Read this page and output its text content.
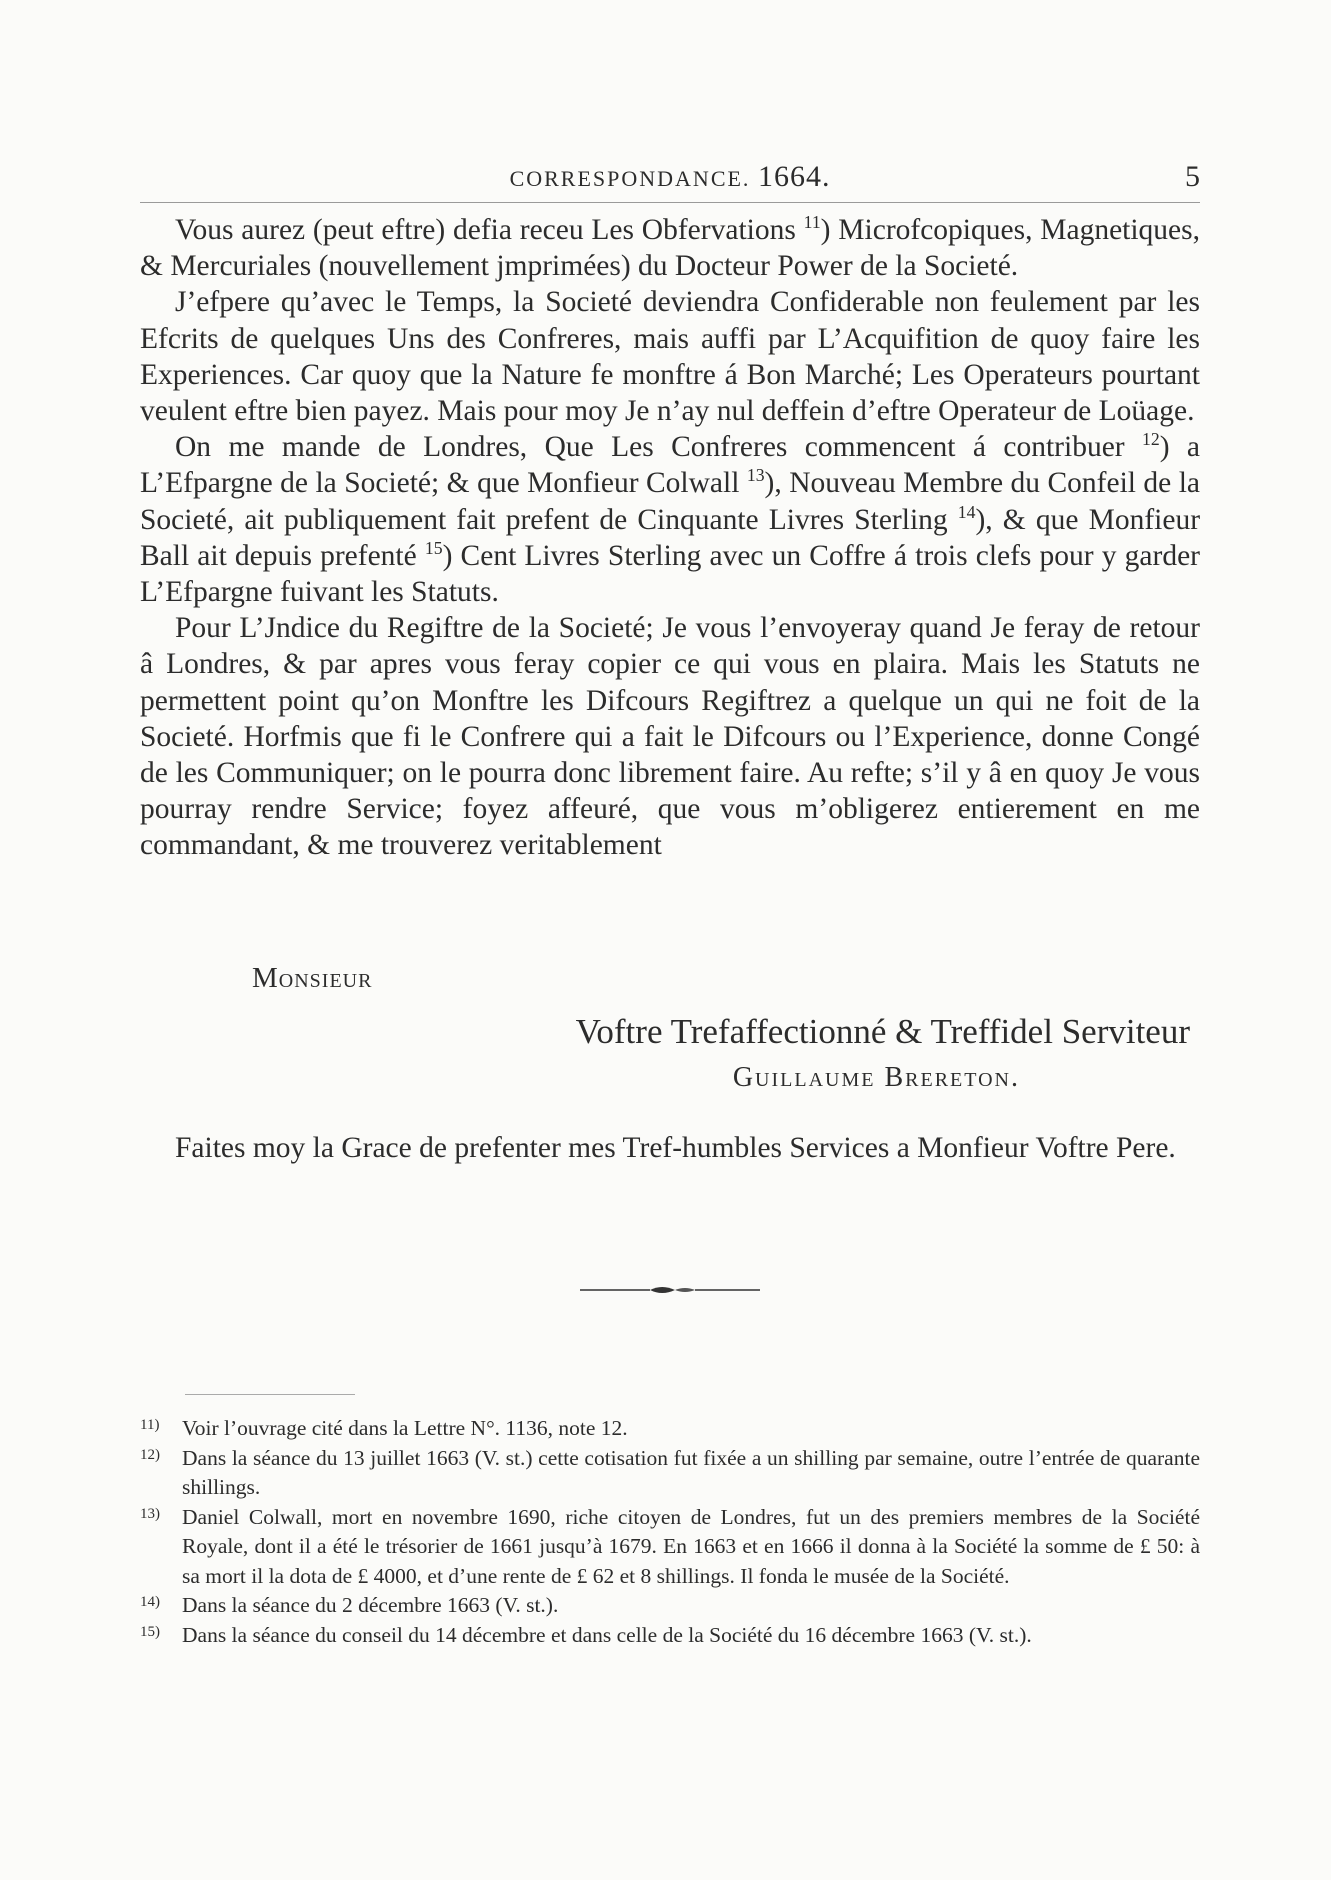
CORRESPONDANCE. 1664.	5

Vous aurez (peut eftre) defia receu Les Obfervations $^{11}$) Microfcopiques, Magnetiques, & Mercuriales (nouvellement jmprimées) du Docteur Power de la Societé.

J’efpere qu’avec le Temps, la Societé deviendra Confiderable non feulement par les Efcrits de quelques Uns des Confreres, mais auffi par L’Acquifition de quoy faire les Experiences. Car quoy que la Nature fe monftre á Bon Marché; Les Operateurs pourtant veulent eftre bien payez. Mais pour moy Je n’ay nul deffein d’eftre Operateur de Loüage.

On me mande de Londres, Que Les Confreres commencent á contribuer $^{12}$) a L’Efpargne de la Societé; & que Monfieur Colwall $^{13}$), Nouveau Membre du Confeil de la Societé, ait publiquement fait prefent de Cinquante Livres Sterling $^{14}$), & que Monfieur Ball ait depuis prefenté $^{15}$) Cent Livres Sterling avec un Coffre á trois clefs pour y garder L’Efpargne fuivant les Statuts.

Pour L’Jndice du Regiftre de la Societé; Je vous l’envoyeray quand Je feray de retour â Londres, & par apres vous feray copier ce qui vous en plaira. Mais les Statuts ne permettent point qu’on Monftre les Difcours Regiftrez a quelque un qui ne foit de la Societé. Horfmis que fi le Confrere qui a fait le Difcours ou l’Experience, donne Congé de les Communiquer; on le pourra donc librement faire. Au refte; s’il y â en quoy Je vous pourray rendre Service; foyez affeuré, que vous m’obligerez entierement en me commandant, & me trouverez veritablement

Monsieur
Voftre Trefaffectionné & Treffidel Serviteur
Guillaume Brereton.

Faites moy la Grace de prefenter mes Tref-humbles Services a Monfieur Voftre Pere.

11)	Voir l’ouvrage cité dans la Lettre N°. 1136, note 12.
12)	Dans la séance du 13 juillet 1663 (V. st.) cette cotisation fut fixée a un shilling par semaine, outre l’entrée de quarante shillings.
13)	Daniel Colwall, mort en novembre 1690, riche citoyen de Londres, fut un des premiers membres de la Société Royale, dont il a été le trésorier de 1661 jusqu’à 1679. En 1663 et en 1666 il donna à la Société la somme de £ 50: à sa mort il la dota de £ 4000, et d’une rente de £ 62 et 8 shillings. Il fonda le musée de la Société.
14)	Dans la séance du 2 décembre 1663 (V. st.).
15)	Dans la séance du conseil du 14 décembre et dans celle de la Société du 16 décembre 1663 (V. st.).
